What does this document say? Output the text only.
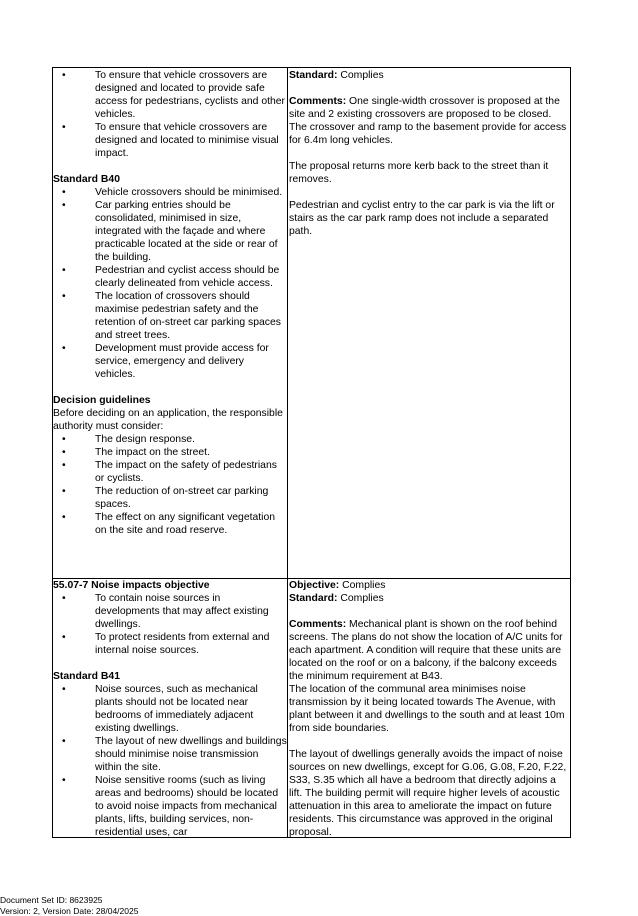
• To ensure that vehicle crossovers are designed and located to provide safe access for pedestrians, cyclists and other vehicles.
• To ensure that vehicle crossovers are designed and located to minimise visual impact.

Standard B40

• Vehicle crossovers should be minimised.
• Car parking entries should be consolidated, minimised in size, integrated with the façade and where practicable located at the side or rear of the building.
• Pedestrian and cyclist access should be clearly delineated from vehicle access.
• The location of crossovers should maximise pedestrian safety and the retention of on-street car parking spaces and street trees.
• Development must provide access for service, emergency and delivery vehicles.

Decision guidelines

Before deciding on an application, the responsible authority must consider:

• The design response.
• The impact on the street.
• The impact on the safety of pedestrians or cyclists.
• The reduction of on-street car parking spaces.
• The effect on any significant vegetation on the site and road reserve.

Standard: Complies

Comments: One single-width crossover is proposed at the site and 2 existing crossovers are proposed to be closed. The crossover and ramp to the basement provide for access for 6.4m long vehicles.

The proposal returns more kerb back to the street than it removes.

Pedestrian and cyclist entry to the car park is via the lift or stairs as the car park ramp does not include a separated path.

55.07-7 Noise impacts objective

• To contain noise sources in developments that may affect existing dwellings.
• To protect residents from external and internal noise sources.

Standard B41

• Noise sources, such as mechanical plants should not be located near bedrooms of immediately adjacent existing dwellings.
• The layout of new dwellings and buildings should minimise noise transmission within the site.
• Noise sensitive rooms (such as living areas and bedrooms) should be located to avoid noise impacts from mechanical plants, lifts, building services, non-residential uses, car

Objective: Complies

Standard: Complies

Comments: Mechanical plant is shown on the roof behind screens. The plans do not show the location of A/C units for each apartment. A condition will require that these units are located on the roof or on a balcony, if the balcony exceeds the minimum requirement at B43.

The location of the communal area minimises noise transmission by it being located towards The Avenue, with plant between it and dwellings to the south and at least 10m from side boundaries.

The layout of dwellings generally avoids the impact of noise sources on new dwellings, except for G.06, G.08, F.20, F.22, S33, S.35 which all have a bedroom that directly adjoins a lift. The building permit will require higher levels of acoustic attenuation in this area to ameliorate the impact on future residents. This circumstance was approved in the original proposal.

Document Set ID: 8623925
Version: 2, Version Date: 28/04/2025
